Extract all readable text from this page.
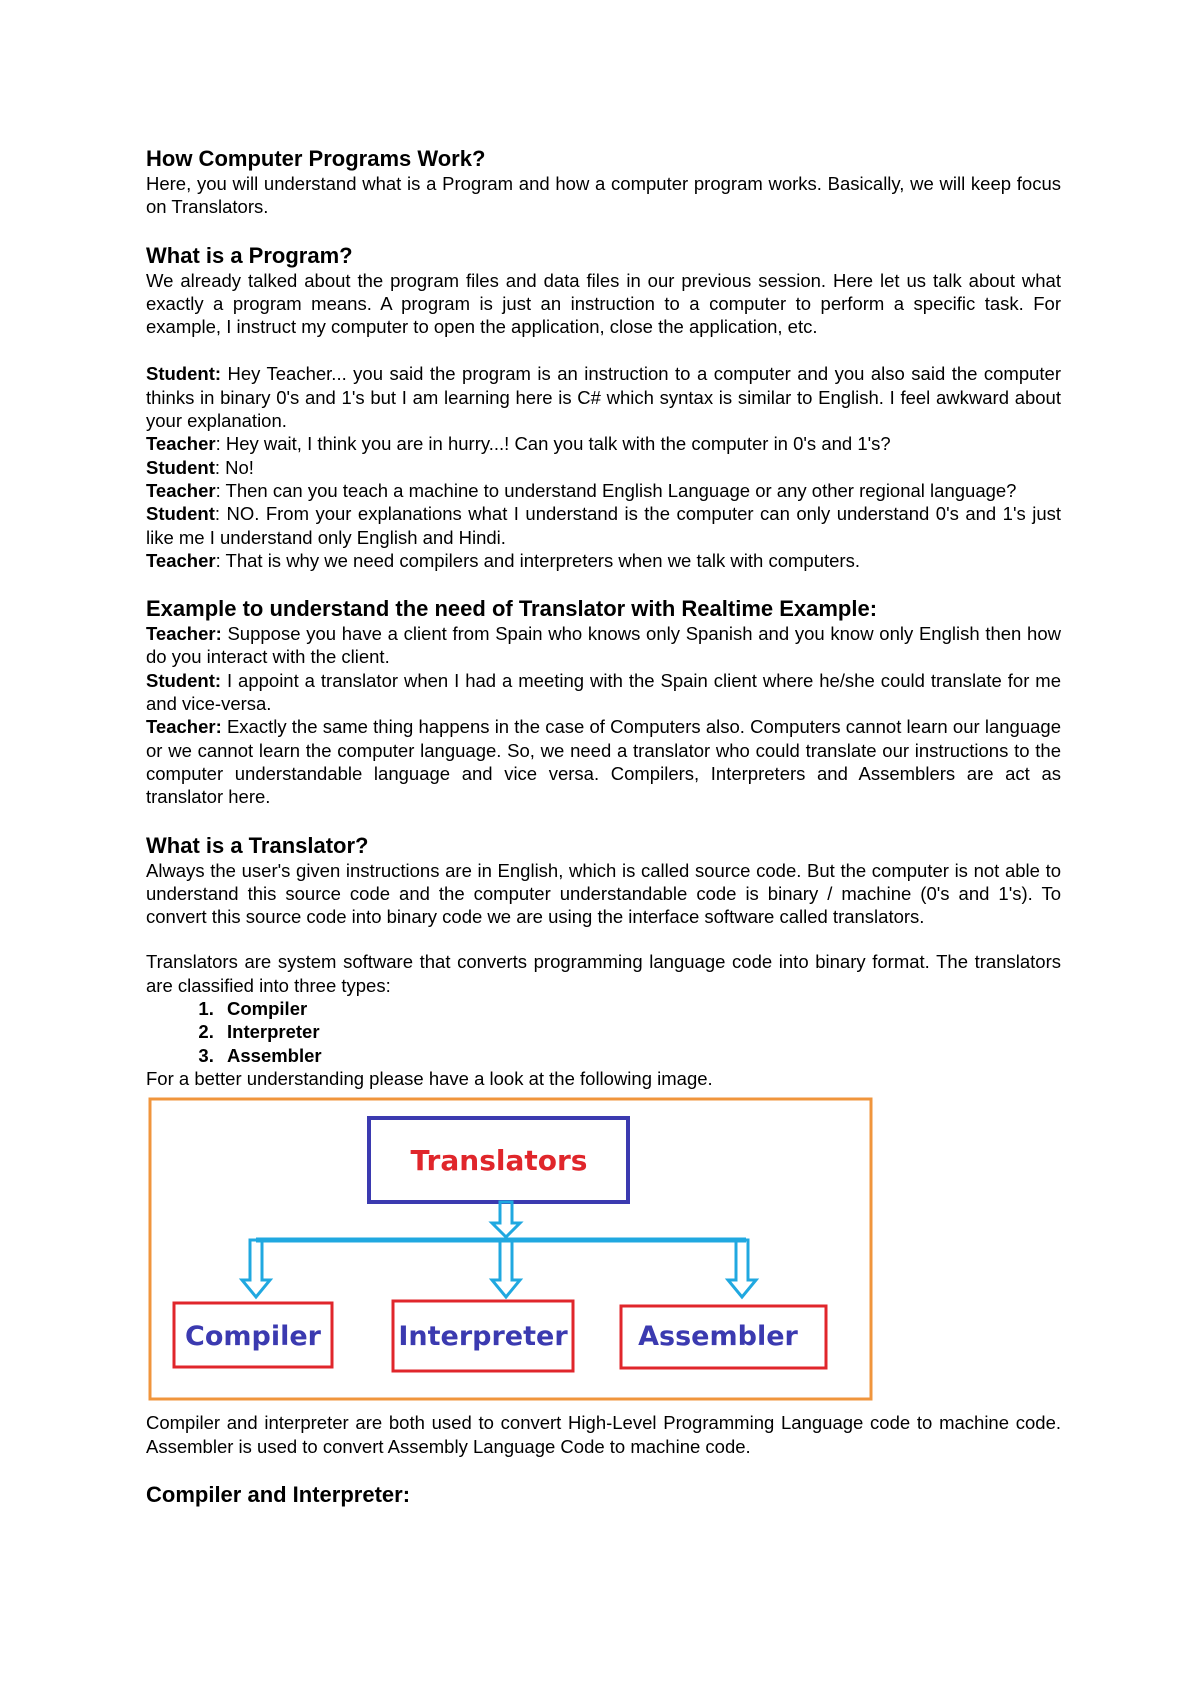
How Computer Programs Work?

Here, you will understand what is a Program and how a computer program works. Basically, we will keep focus on Translators.

What is a Program?

We already talked about the program files and data files in our previous session. Here let us talk about what exactly a program means. A program is just an instruction to a computer to perform a specific task. For example, I instruct my computer to open the application, close the application, etc.

Student: Hey Teacher... you said the program is an instruction to a computer and you also said the computer thinks in binary 0's and 1's but I am learning here is C# which syntax is similar to English. I feel awkward about your explanation.

Teacher: Hey wait, I think you are in hurry...! Can you talk with the computer in 0's and 1's?

Student: No!

Teacher: Then can you teach a machine to understand English Language or any other regional language?

Student: NO. From your explanations what I understand is the computer can only understand 0's and 1's just like me I understand only English and Hindi.

Teacher: That is why we need compilers and interpreters when we talk with computers.

Example to understand the need of Translator with Realtime Example:

Teacher: Suppose you have a client from Spain who knows only Spanish and you know only English then how do you interact with the client.

Student: I appoint a translator when I had a meeting with the Spain client where he/she could translate for me and vice-versa.

Teacher: Exactly the same thing happens in the case of Computers also. Computers cannot learn our language or we cannot learn the computer language. So, we need a translator who could translate our instructions to the computer understandable language and vice versa. Compilers, Interpreters and Assemblers are act as translator here.

What is a Translator?

Always the user's given instructions are in English, which is called source code. But the computer is not able to understand this source code and the computer understandable code is binary / machine (0's and 1's). To convert this source code into binary code we are using the interface software called translators.

Translators are system software that converts programming language code into binary format. The translators are classified into three types:

1. Compiler
2. Interpreter
3. Assembler

For a better understanding please have a look at the following image.

Translators
Compiler	Interpreter	Assembler

Compiler and interpreter are both used to convert High-Level Programming Language code to machine code. Assembler is used to convert Assembly Language Code to machine code.

Compiler and Interpreter:
